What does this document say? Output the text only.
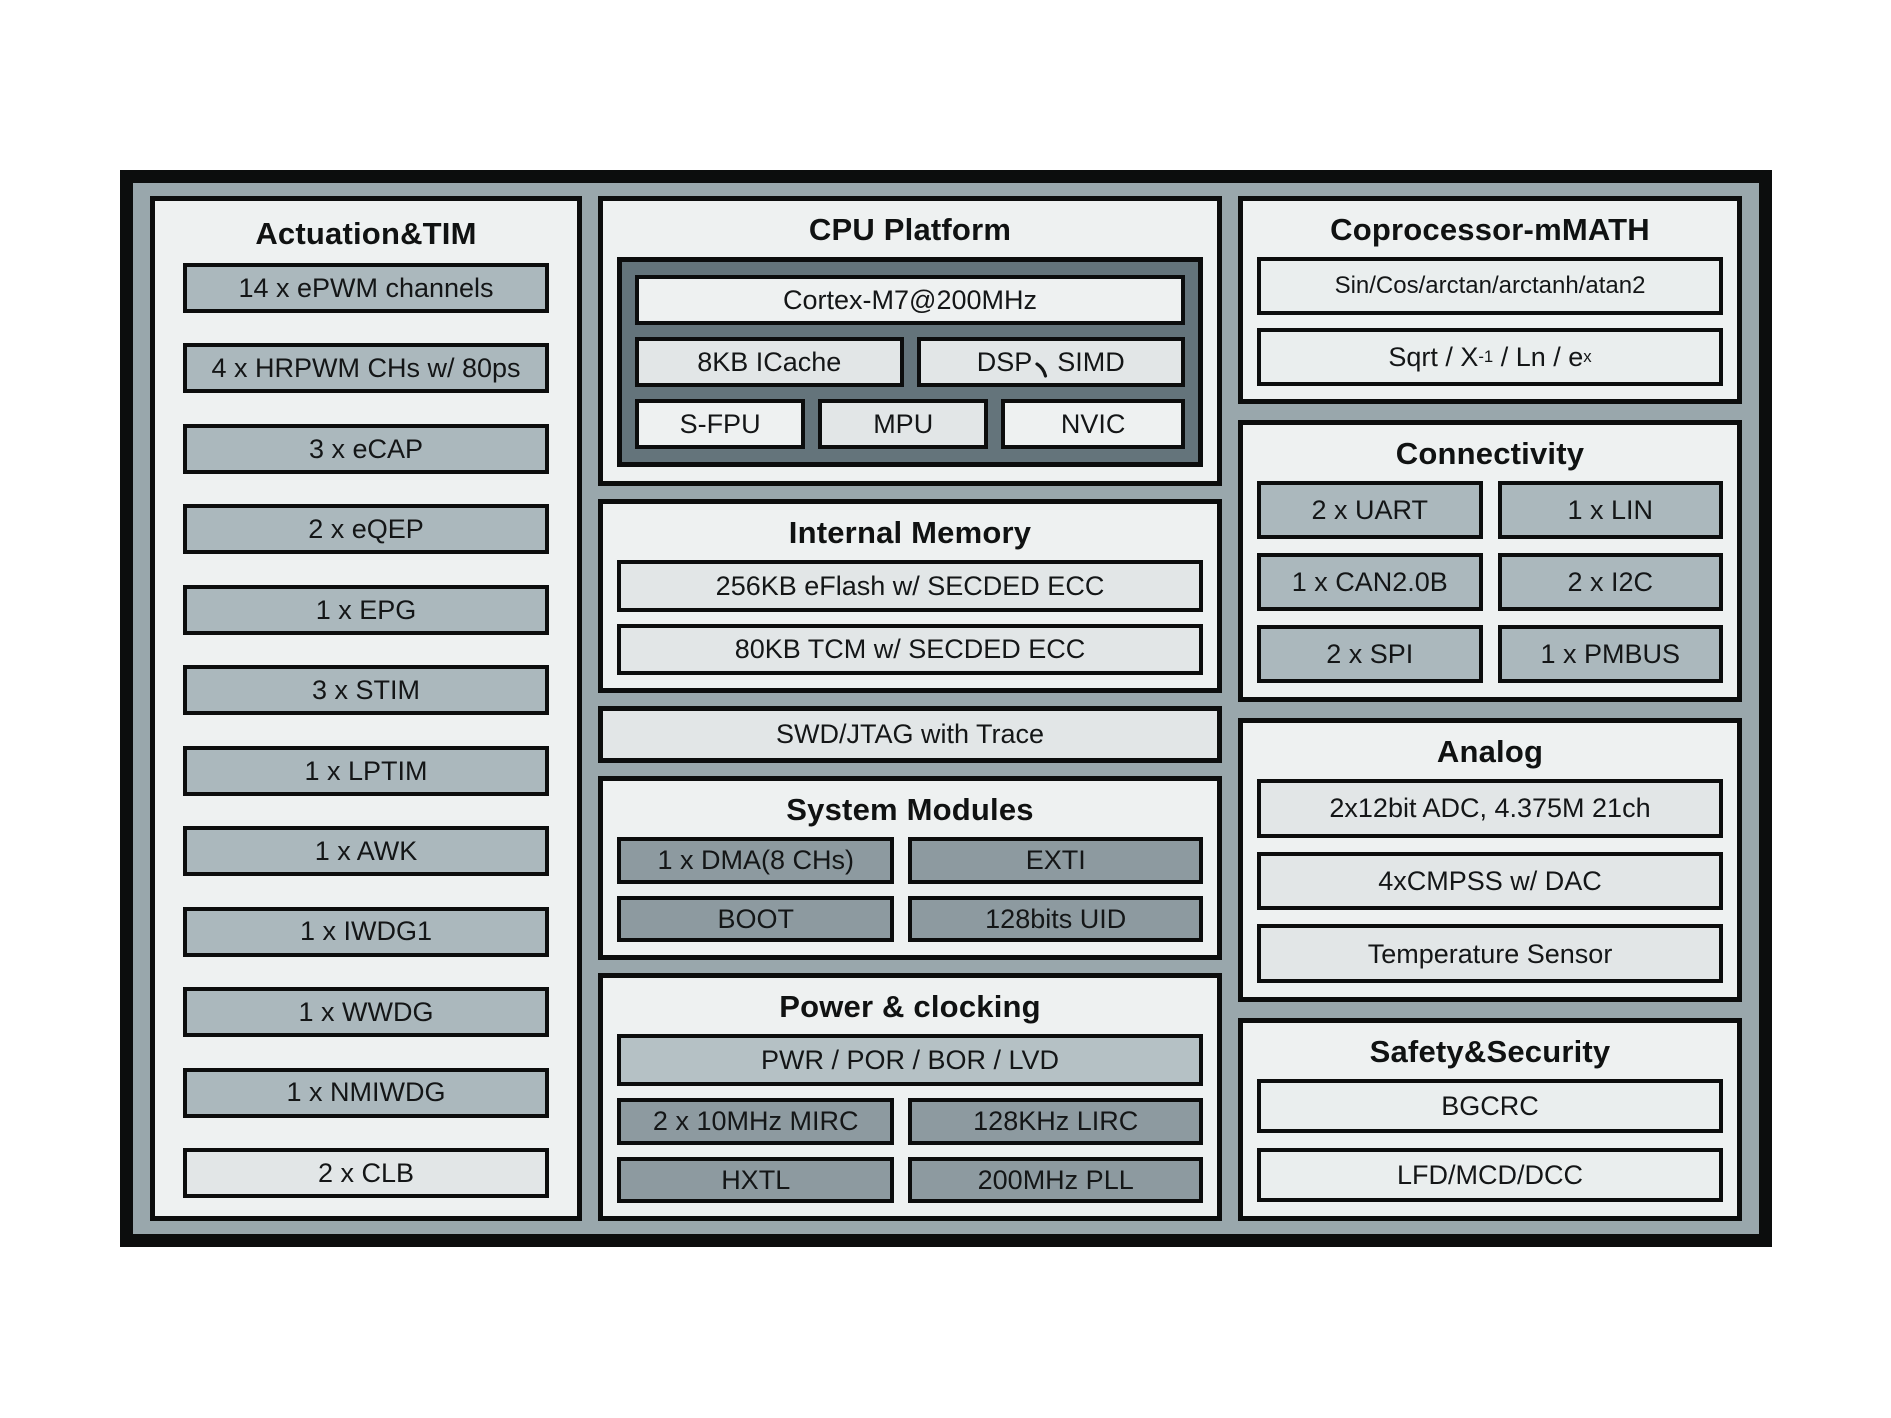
Actuation&TIM
14 x ePWM channels
4 x HRPWM CHs w/ 80ps
3 x eCAP
2 x eQEP
1 x EPG
3 x STIM
1 x LPTIM
1 x AWK
1 x IWDG1
1 x WWDG
1 x NMIWDG
2 x CLB
CPU Platform
Cortex-M7@200MHz
8KB ICache	DSP SIMD
S-FPU	MPU	NVIC
Internal Memory
256KB eFlash w/ SECDED ECC
80KB TCM w/ SECDED ECC
SWD/JTAG with Trace
System Modules
1 x DMA(8 CHs)	EXTI
BOOT	128bits UID
Power & clocking
PWR / POR / BOR / LVD
2 x 10MHz MIRC	128KHz LIRC
HXTL	200MHz PLL
Coprocessor-mMATH
Sin/Cos/arctan/arctanh/atan2
Sqrt / X -1 / Ln / e x
Connectivity
2 x UART	1 x LIN
1 x CAN2.0B	2 x I2C
2 x SPI	1 x PMBUS
Analog
2x12bit ADC, 4.375M 21ch
4xCMPSS w/ DAC
Temperature Sensor
Safety&Security
BGCRC
LFD/MCD/DCC
